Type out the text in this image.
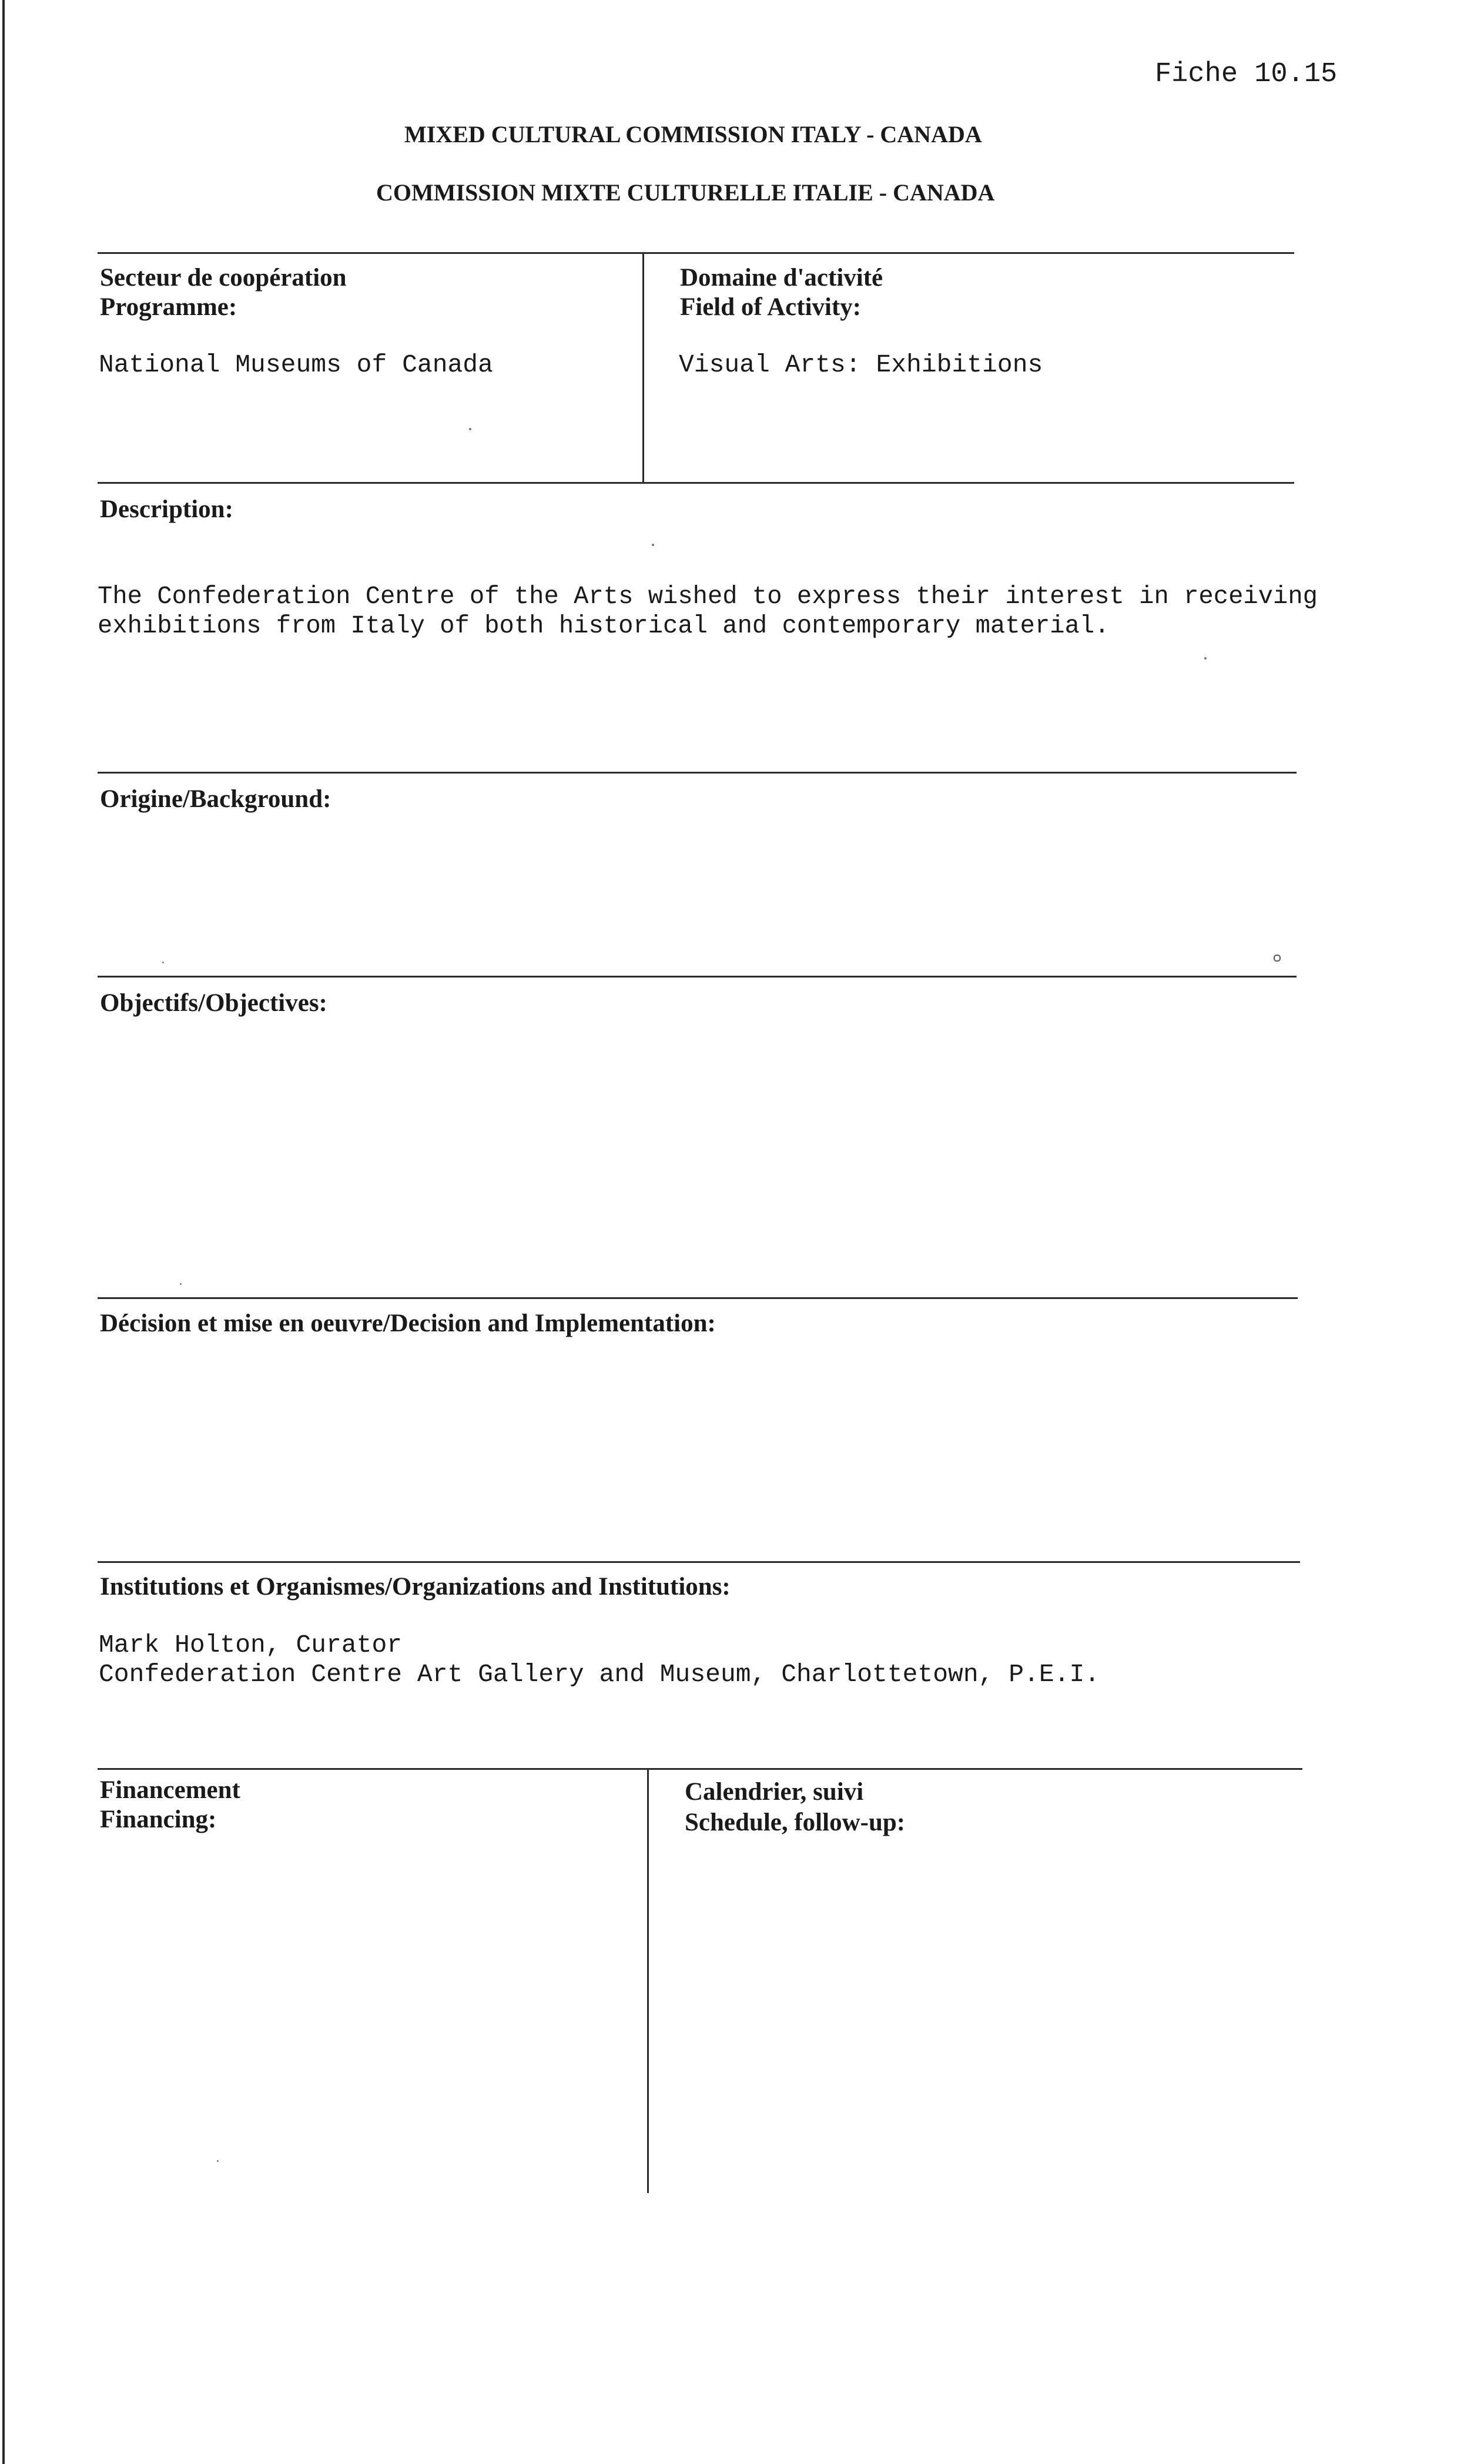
Fiche 10.15
MIXED CULTURAL COMMISSION ITALY - CANADA
COMMISSION MIXTE CULTURELLE ITALIE - CANADA
Secteur de coopération
Programme:
National Museums of Canada
Domaine d'activité
Field of Activity:
Visual Arts: Exhibitions
Description:
The Confederation Centre of the Arts wished to express their interest in receiving
exhibitions from Italy of both historical and contemporary material.
Origine/Background:
Objectifs/Objectives:
Décision et mise en oeuvre/Decision and Implementation:
Institutions et Organismes/Organizations and Institutions:
Mark Holton, Curator
Confederation Centre Art Gallery and Museum, Charlottetown, P.E.I.
Financement
Financing:
Calendrier, suivi
Schedule, follow-up:
